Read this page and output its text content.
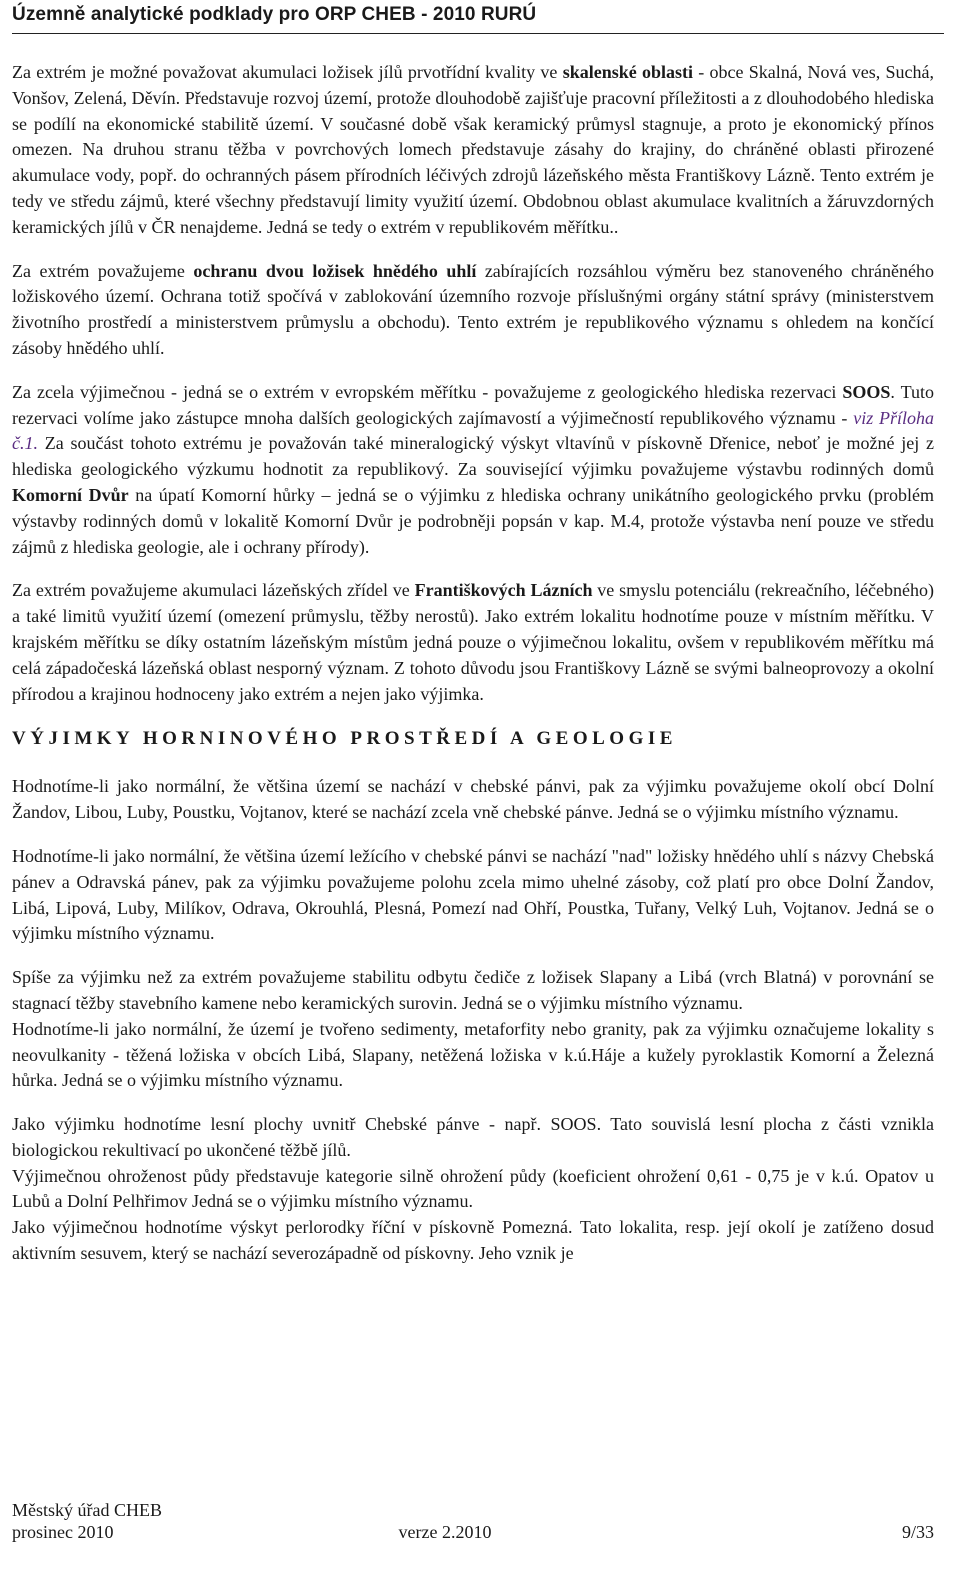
Územně analytické podklady pro ORP CHEB - 2010 RURÚ

Za extrém je možné považovat akumulaci ložisek jílů prvotřídní kvality ve skalenské oblasti - obce Skalná, Nová ves, Suchá, Vonšov, Zelená, Děvín. Představuje rozvoj území, protože dlouhodobě zajišťuje pracovní příležitosti a z dlouhodobého hlediska se podílí na ekonomické stabilitě území. V současné době však keramický průmysl stagnuje, a proto je ekonomický přínos omezen. Na druhou stranu těžba v povrchových lomech představuje zásahy do krajiny, do chráněné oblasti přirozené akumulace vody, popř. do ochranných pásem přírodních léčivých zdrojů lázeňského města Františkovy Lázně. Tento extrém je tedy ve středu zájmů, které všechny představují limity využití území. Obdobnou oblast akumulace kvalitních a žáruvzdorných keramických jílů v ČR nenajdeme. Jedná se tedy o extrém v republikovém měřítku..

Za extrém považujeme ochranu dvou ložisek hnědého uhlí zabírajících rozsáhlou výměru bez stanoveného chráněného ložiskového území. Ochrana totiž spočívá v zablokování územního rozvoje příslušnými orgány státní správy (ministerstvem životního prostředí a ministerstvem průmyslu a obchodu). Tento extrém je republikového významu s ohledem na končící zásoby hnědého uhlí.

Za zcela výjimečnou - jedná se o extrém v evropském měřítku - považujeme z geologického hlediska rezervaci SOOS. Tuto rezervaci volíme jako zástupce mnoha dalších geologických zajímavostí a výjimečností republikového významu - viz Příloha č.1. Za součást tohoto extrému je považován také mineralogický výskyt vltavínů v pískovně Dřenice, neboť je možné jej z hlediska geologického výzkumu hodnotit za republikový. Za související výjimku považujeme výstavbu rodinných domů Komorní Dvůr na úpatí Komorní hůrky – jedná se o výjimku z hlediska ochrany unikátního geologického prvku (problém výstavby rodinných domů v lokalitě Komorní Dvůr je podrobněji popsán v kap. M.4, protože výstavba není pouze ve středu zájmů z hlediska geologie, ale i ochrany přírody).

Za extrém považujeme akumulaci lázeňských zřídel ve Františkových Lázních ve smyslu potenciálu (rekreačního, léčebného) a také limitů využití území (omezení průmyslu, těžby nerostů). Jako extrém lokalitu hodnotíme pouze v místním měřítku. V krajském měřítku se díky ostatním lázeňským místům jedná pouze o výjimečnou lokalitu, ovšem v republikovém měřítku má celá západočeská lázeňská oblast nesporný význam. Z tohoto důvodu jsou Františkovy Lázně se svými balneoprovozy a okolní přírodou a krajinou hodnoceny jako extrém a nejen jako výjimka.

VÝJIMKY HORNINOVÉHO PROSTŘEDÍ A GEOLOGIE

Hodnotíme-li jako normální, že většina území se nachází v chebské pánvi, pak za výjimku považujeme okolí obcí Dolní Žandov, Libou, Luby, Poustku, Vojtanov, které se nachází zcela vně chebské pánve. Jedná se o výjimku místního významu.

Hodnotíme-li jako normální, že většina území ležícího v chebské pánvi se nachází "nad" ložisky hnědého uhlí s názvy Chebská pánev a Odravská pánev, pak za výjimku považujeme polohu zcela mimo uhelné zásoby, což platí pro obce Dolní Žandov, Libá, Lipová, Luby, Milíkov, Odrava, Okrouhlá, Plesná, Pomezí nad Ohří, Poustka, Tuřany, Velký Luh, Vojtanov. Jedná se o výjimku místního významu.

Spíše za výjimku než za extrém považujeme stabilitu odbytu čediče z ložisek Slapany a Libá (vrch Blatná) v porovnání se stagnací těžby stavebního kamene nebo keramických surovin. Jedná se o výjimku místního významu.

Hodnotíme-li jako normální, že území je tvořeno sedimenty, metaforfity nebo granity, pak za výjimku označujeme lokality s neovulkanity - těžená ložiska v obcích Libá, Slapany, netěžená ložiska v k.ú.Háje a kužely pyroklastik Komorní a Železná hůrka. Jedná se o výjimku místního významu.

Jako výjimku hodnotíme lesní plochy uvnitř Chebské pánve - např. SOOS. Tato souvislá lesní plocha z části vznikla biologickou rekultivací po ukončené těžbě jílů.

Výjimečnou ohroženost půdy představuje kategorie silně ohrožení půdy (koeficient ohrožení 0,61 - 0,75 je v k.ú. Opatov u Lubů a Dolní Pelhřimov Jedná se o výjimku místního významu.

Jako výjimečnou hodnotíme výskyt perlorodky říční v pískovně Pomezná. Tato lokalita, resp. její okolí je zatíženo dosud aktivním sesuvem, který se nachází severozápadně od pískovny. Jeho vznik je

Městský úřad CHEB
prosinec 2010	verze 2.2010	9/33
